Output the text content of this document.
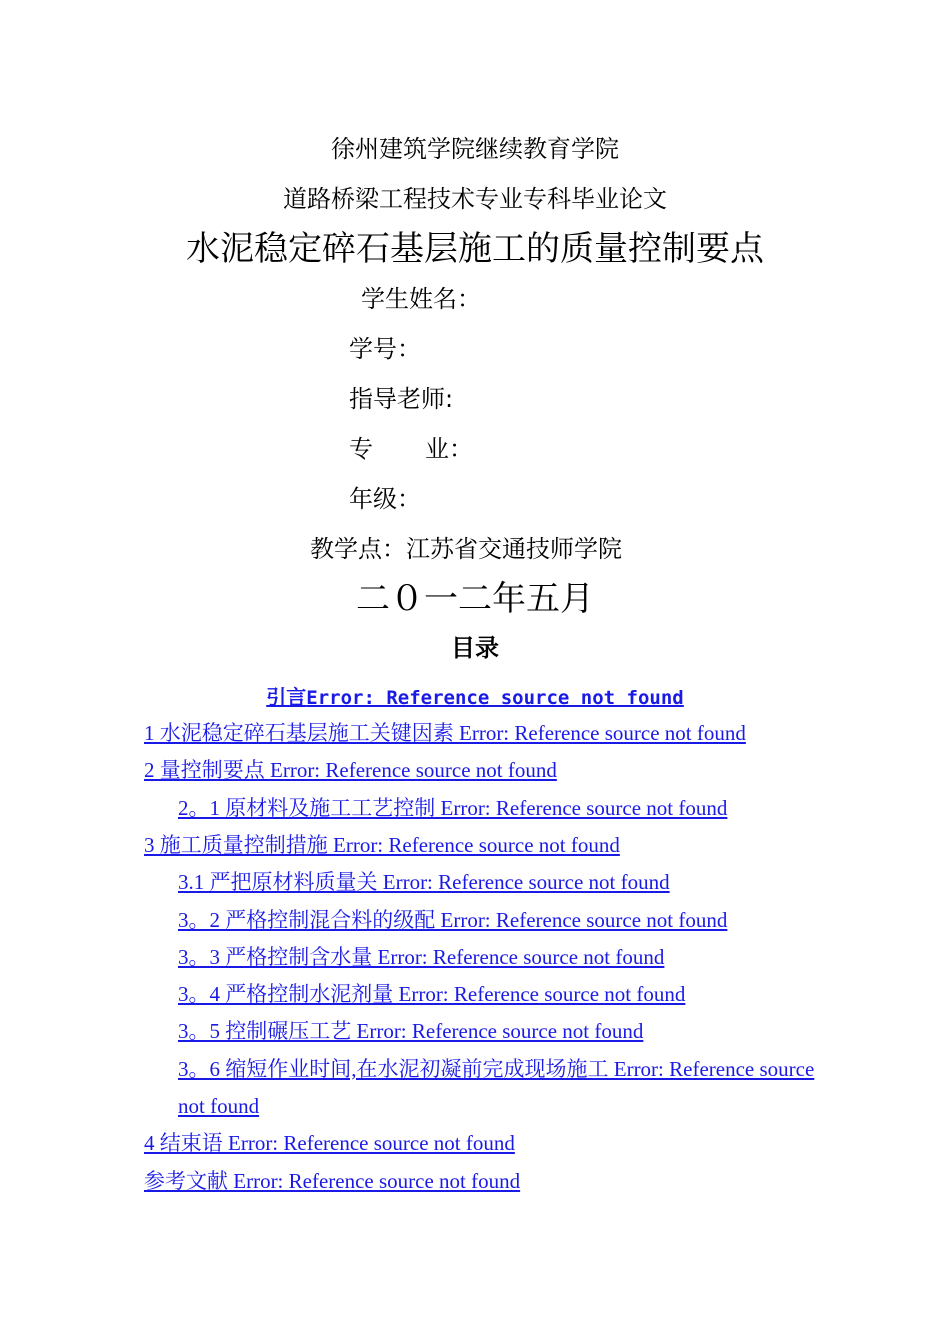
徐州建筑学院继续教育学院
道路桥梁工程技术专业专科毕业论文
水泥稳定碎石基层施工的质量控制要点
学生姓名：
学号：
指导老师:
专 业：
年级：
教学点：江苏省交通技师学院
二０一二年五月
目录
引言Error: Reference source not found
1 水泥稳定碎石基层施工关键因素 Error: Reference source not found
2 量控制要点 Error: Reference source not found
2。1 原材料及施工工艺控制 Error: Reference source not found
3 施工质量控制措施 Error: Reference source not found
3.1 严把原材料质量关 Error: Reference source not found
3。2 严格控制混合料的级配 Error: Reference source not found
3。3 严格控制含水量 Error: Reference source not found
3。4 严格控制水泥剂量 Error: Reference source not found
3。5 控制碾压工艺 Error: Reference source not found
3。6 缩短作业时间,在水泥初凝前完成现场施工 Error: Reference source not found
4 结束语 Error: Reference source not found
参考文献 Error: Reference source not found
